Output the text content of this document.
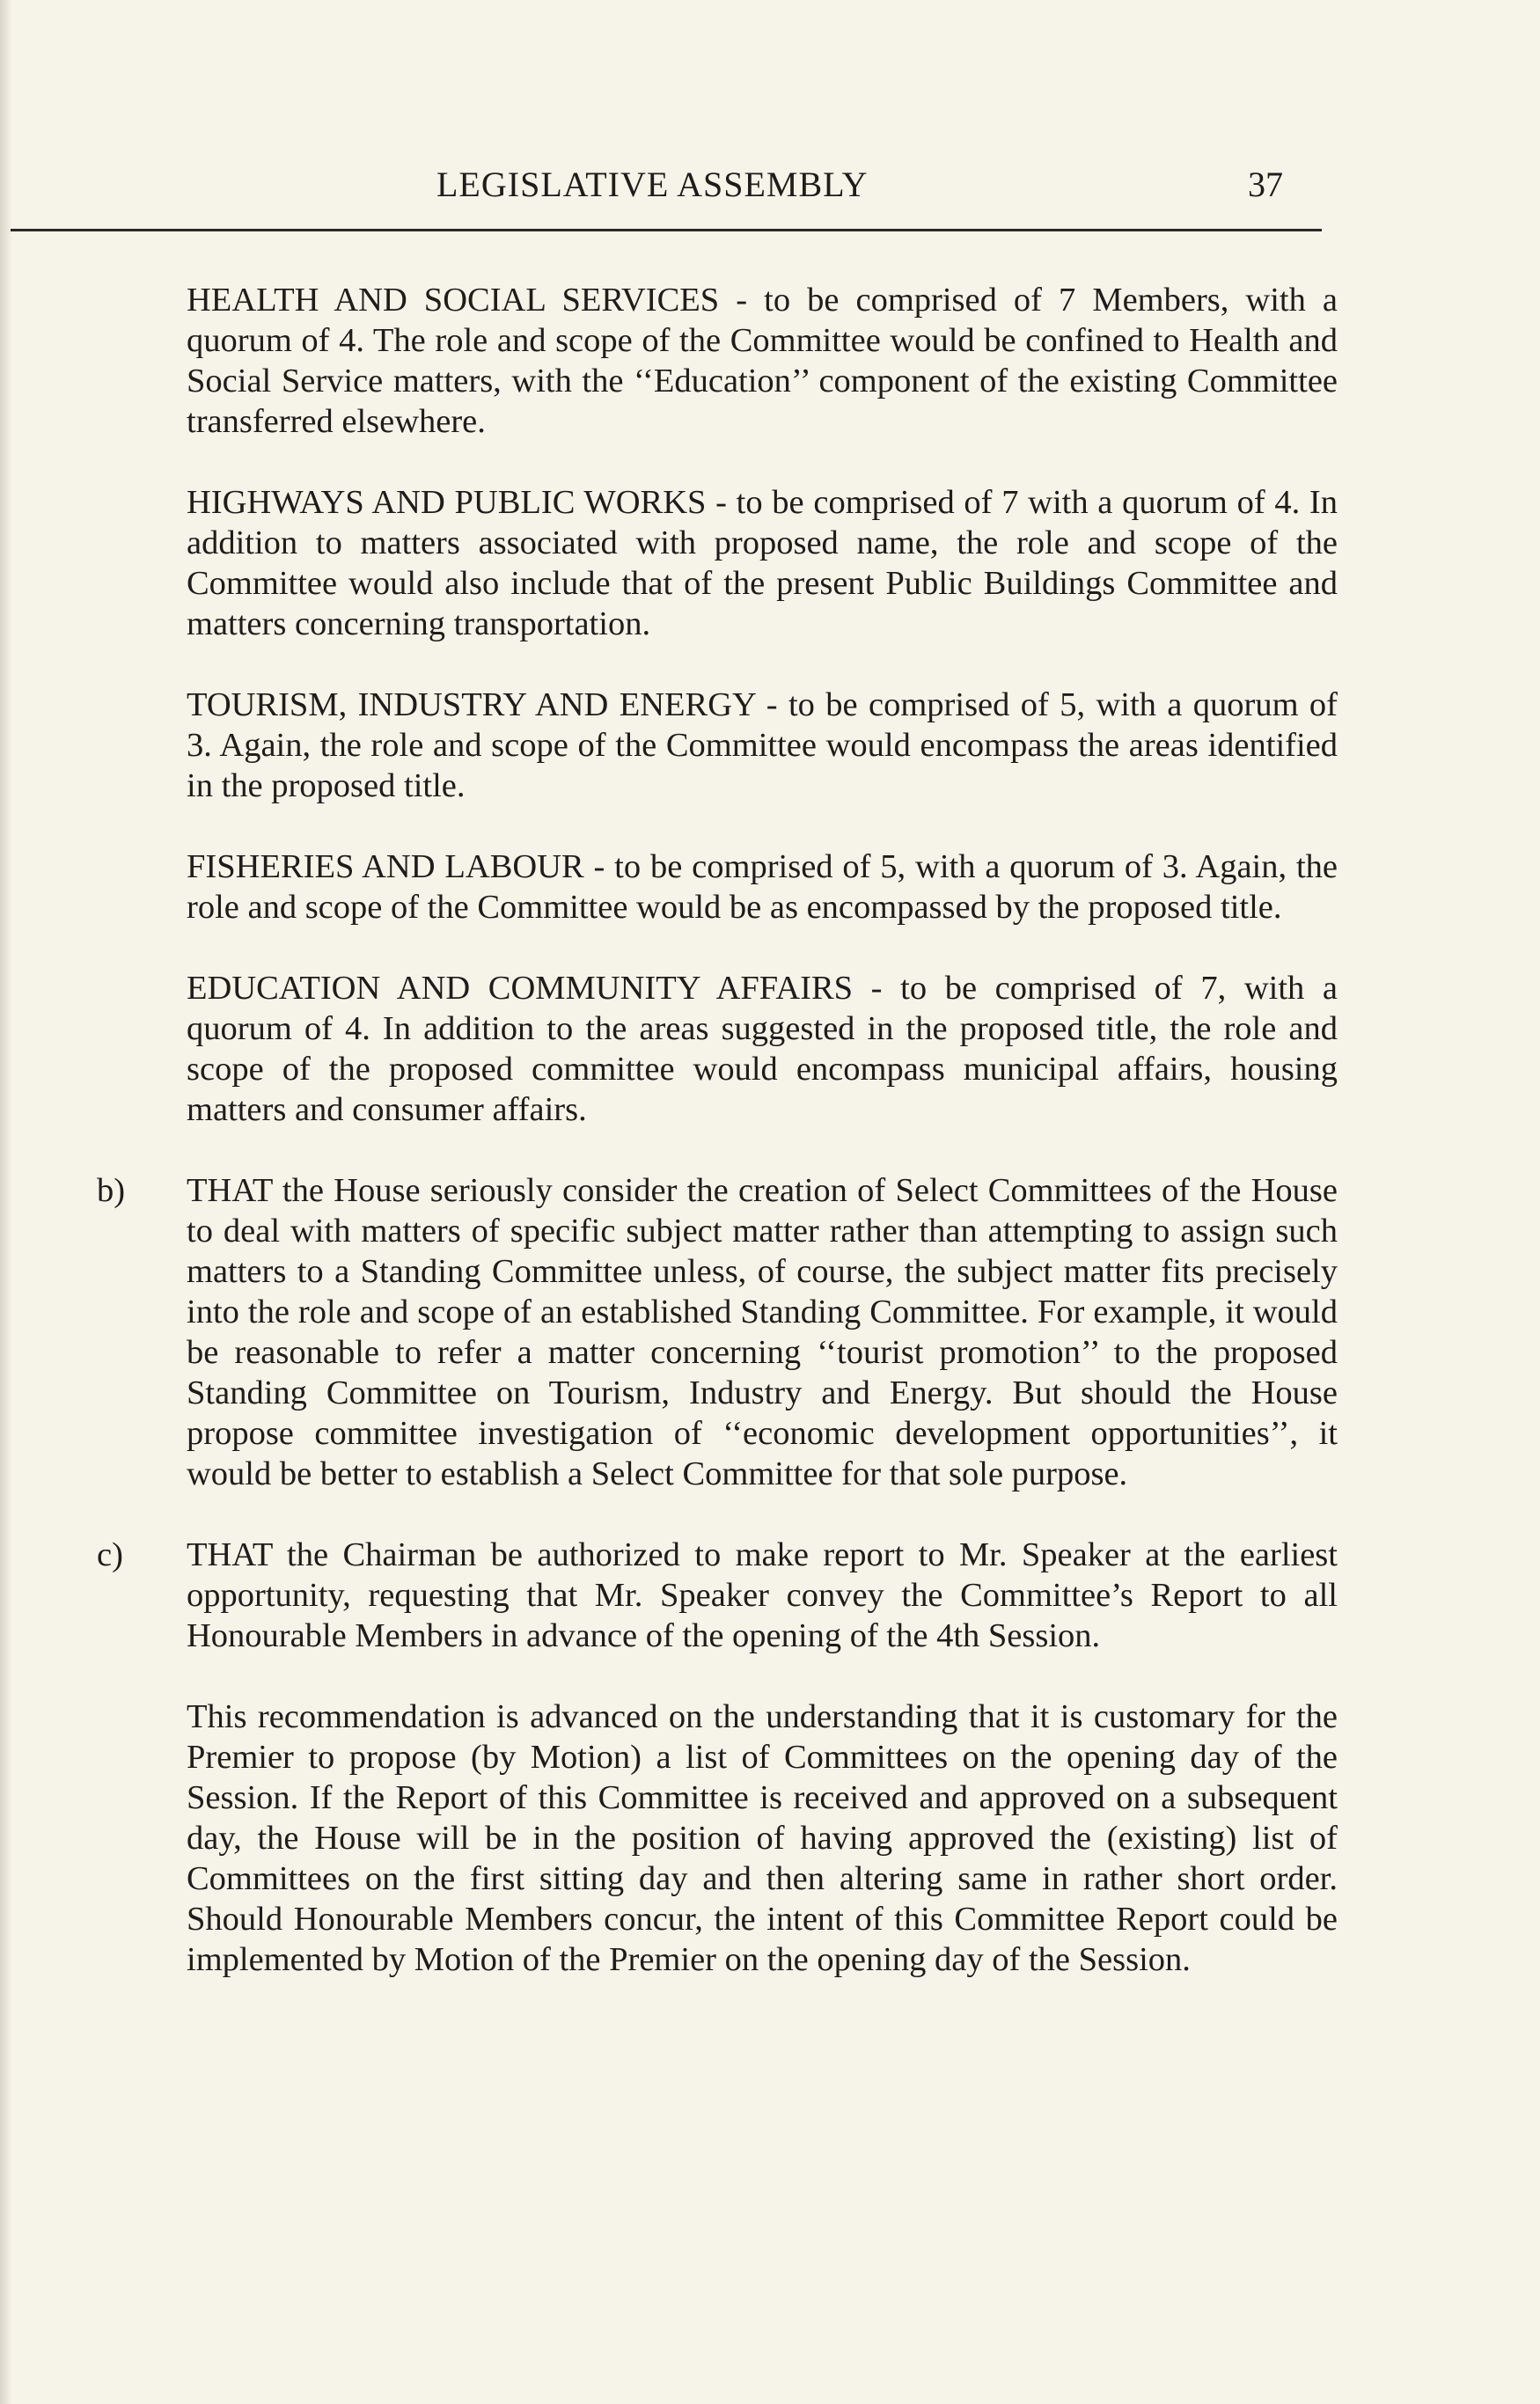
LEGISLATIVE ASSEMBLY	37

HEALTH AND SOCIAL SERVICES - to be comprised of 7 Members, with a quorum of 4. The role and scope of the Committee would be confined to Health and Social Service matters, with the ‘‘Education’’ component of the existing Committee transferred elsewhere.

HIGHWAYS AND PUBLIC WORKS - to be comprised of 7 with a quorum of 4. In addition to matters associated with proposed name, the role and scope of the Committee would also include that of the present Public Buildings Committee and matters concerning transportation.

TOURISM, INDUSTRY AND ENERGY - to be comprised of 5, with a quorum of 3. Again, the role and scope of the Committee would encompass the areas identified in the proposed title.

FISHERIES AND LABOUR - to be comprised of 5, with a quorum of 3. Again, the role and scope of the Committee would be as encompassed by the proposed title.

EDUCATION AND COMMUNITY AFFAIRS - to be comprised of 7, with a quorum of 4. In addition to the areas suggested in the proposed title, the role and scope of the proposed committee would encompass municipal affairs, housing matters and consumer affairs.

b) THAT the House seriously consider the creation of Select Committees of the House to deal with matters of specific subject matter rather than attempting to assign such matters to a Standing Committee unless, of course, the subject matter fits precisely into the role and scope of an established Standing Committee. For example, it would be reasonable to refer a matter concerning ‘‘tourist promotion’’ to the proposed Standing Committee on Tourism, Industry and Energy. But should the House propose committee investigation of ‘‘economic development opportunities’’, it would be better to establish a Select Committee for that sole purpose.

c) THAT the Chairman be authorized to make report to Mr. Speaker at the earliest opportunity, requesting that Mr. Speaker convey the Committee’s Report to all Honourable Members in advance of the opening of the 4th Session.

This recommendation is advanced on the understanding that it is customary for the Premier to propose (by Motion) a list of Committees on the opening day of the Session. If the Report of this Committee is received and approved on a subsequent day, the House will be in the position of having approved the (existing) list of Committees on the first sitting day and then altering same in rather short order. Should Honourable Members concur, the intent of this Committee Report could be implemented by Motion of the Premier on the opening day of the Session.
